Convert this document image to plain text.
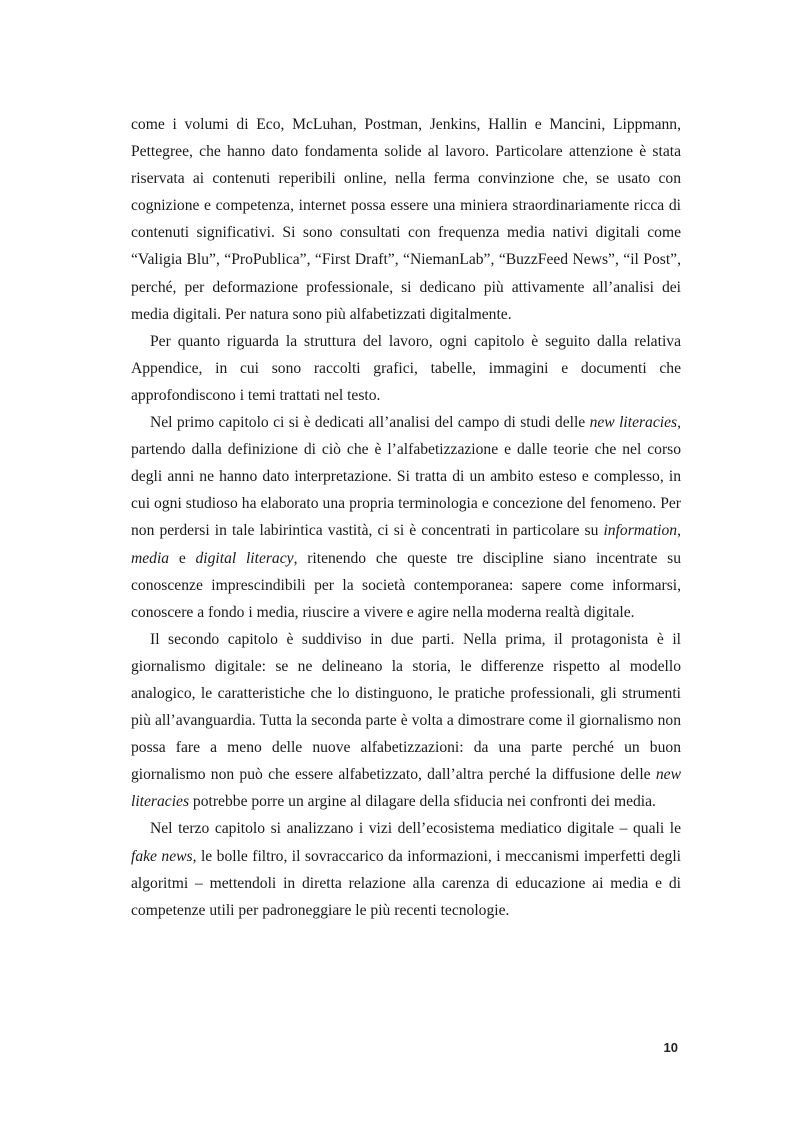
come i volumi di Eco, McLuhan, Postman, Jenkins, Hallin e Mancini, Lippmann, Pettegree, che hanno dato fondamenta solide al lavoro. Particolare attenzione è stata riservata ai contenuti reperibili online, nella ferma convinzione che, se usato con cognizione e competenza, internet possa essere una miniera straordinariamente ricca di contenuti significativi. Si sono consultati con frequenza media nativi digitali come “Valigia Blu”, “ProPublica”, “First Draft”, “NiemanLab”, “BuzzFeed News”, “il Post”, perché, per deformazione professionale, si dedicano più attivamente all’analisi dei media digitali. Per natura sono più alfabetizzati digitalmente.

Per quanto riguarda la struttura del lavoro, ogni capitolo è seguito dalla relativa Appendice, in cui sono raccolti grafici, tabelle, immagini e documenti che approfondiscono i temi trattati nel testo.

Nel primo capitolo ci si è dedicati all’analisi del campo di studi delle new literacies, partendo dalla definizione di ciò che è l’alfabetizzazione e dalle teorie che nel corso degli anni ne hanno dato interpretazione. Si tratta di un ambito esteso e complesso, in cui ogni studioso ha elaborato una propria terminologia e concezione del fenomeno. Per non perdersi in tale labirintica vastità, ci si è concentrati in particolare su information, media e digital literacy, ritenendo che queste tre discipline siano incentrate su conoscenze imprescindibili per la società contemporanea: sapere come informarsi, conoscere a fondo i media, riuscire a vivere e agire nella moderna realtà digitale.

Il secondo capitolo è suddiviso in due parti. Nella prima, il protagonista è il giornalismo digitale: se ne delineano la storia, le differenze rispetto al modello analogico, le caratteristiche che lo distinguono, le pratiche professionali, gli strumenti più all’avanguardia. Tutta la seconda parte è volta a dimostrare come il giornalismo non possa fare a meno delle nuove alfabetizzazioni: da una parte perché un buon giornalismo non può che essere alfabetizzato, dall’altra perché la diffusione delle new literacies potrebbe porre un argine al dilagare della sfiducia nei confronti dei media.

Nel terzo capitolo si analizzano i vizi dell’ecosistema mediatico digitale – quali le fake news, le bolle filtro, il sovraccarico da informazioni, i meccanismi imperfetti degli algoritmi – mettendoli in diretta relazione alla carenza di educazione ai media e di competenze utili per padroneggiare le più recenti tecnologie.

10
